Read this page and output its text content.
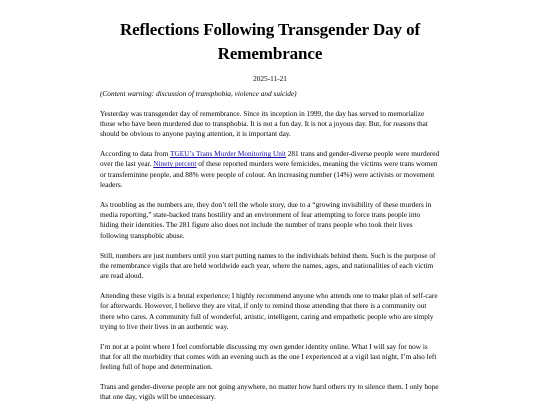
Reflections Following Transgender Day of Remembrance
2025-11-21

(Content warning: discussion of transphobia, violence and suicide)

Yesterday was transgender day of remembrance. Since its inception in 1999, the day has served to memorialize those who have been murdered due to transphobia. It is not a fun day. It is not a joyous day. But, for reasons that should be obvious to anyone paying attention, it is important day.

According to data from TGEU’s Trans Murder Monitoring Unit 281 trans and gender-diverse people were murdered over the last year. Ninety percent of these reported murders were femicides, meaning the victims were trans women or transfeminine people, and 88% were people of colour. An increasing number (14%) were activists or movement leaders.

As troubling as the numbers are, they don’t tell the whole story, due to a “growing invisibility of these murders in media reporting,” state-backed trans hostility and an environment of fear attempting to force trans people into hiding their identities. The 281 figure also does not include the number of trans people who took their lives following transphobic abuse.

Still, numbers are just numbers until you start putting names to the individuals behind them. Such is the purpose of the remembrance vigils that are held worldwide each year, where the names, ages, and nationalities of each victim are read aloud.

Attending these vigils is a brutal experience; I highly recommend anyone who attends one to make plan of self-care for afterwards. However, I believe they are vital, if only to remind those attending that there is a community out there who cares. A community full of wonderful, artistic, intelligent, caring and empathetic people who are simply trying to live their lives in an authentic way.

I’m not at a point where I feel comfortable discussing my own gender identity online. What I will say for now is that for all the morbidity that comes with an evening such as the one I experienced at a vigil last night, I’m also left feeling full of hope and determination.

Trans and gender-diverse people are not going anywhere, no matter how hard others try to silence them. I only hope that one day, vigils will be unnecessary.
